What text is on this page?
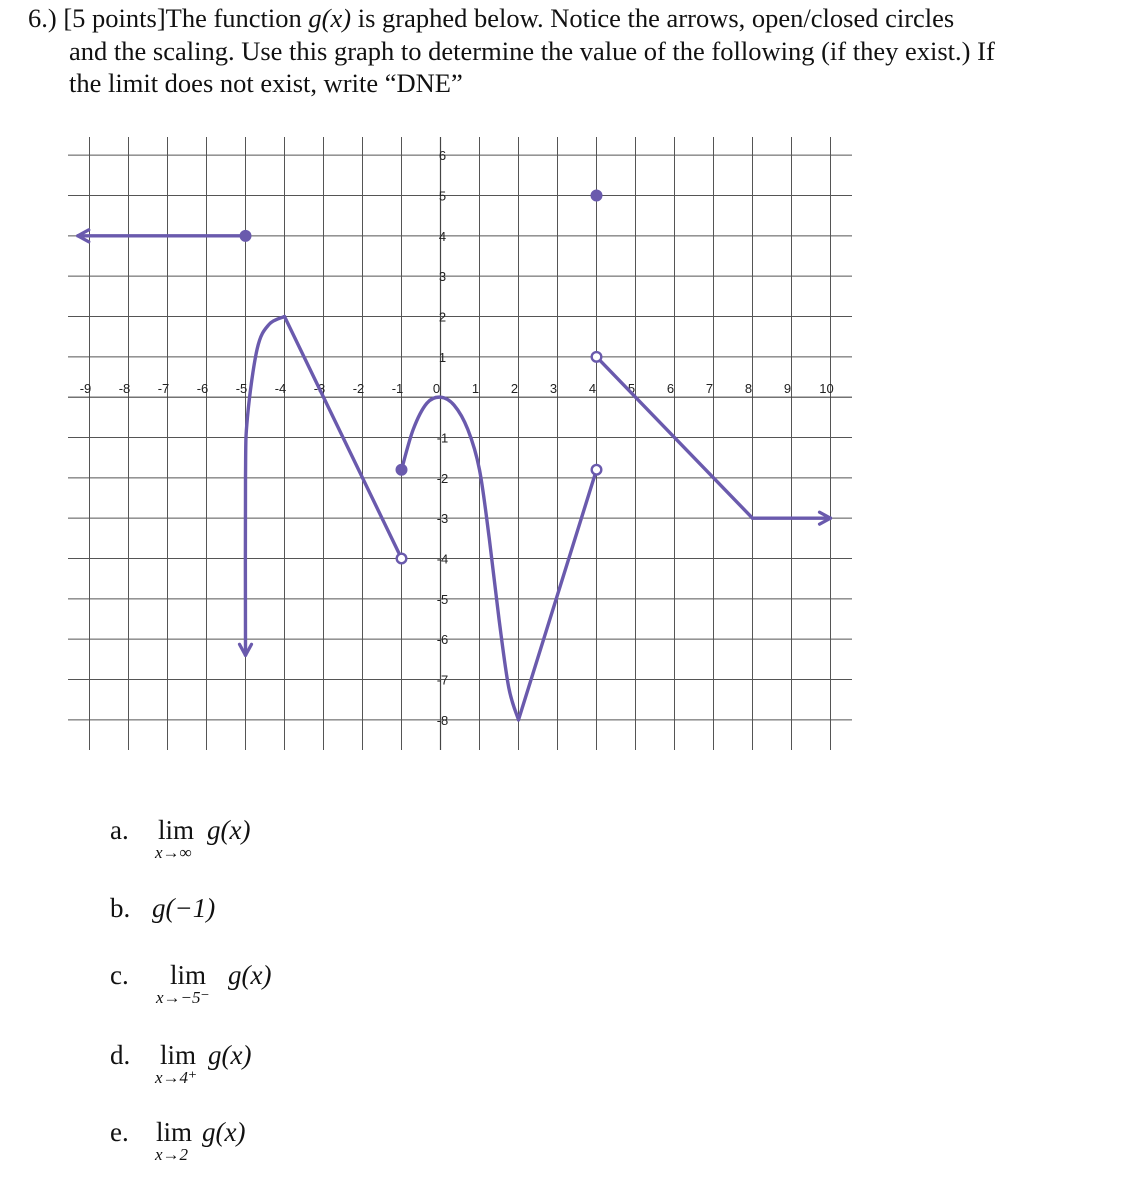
6.) [5 points]The function g(x) is graphed below. Notice the arrows, open/closed circles
and the scaling. Use this graph to determine the value of the following (if they exist.) If
the limit does not exist, write “DNE”
-9 -8 -7 -6 -5 -4 -3 -2 -1 0 1 2 3 4 5 6 7 8 9 10
6
5
4
3
2
1
-1
-2
-3
-4
-5
-6
-7
-8
a. lim
x→∞
g(x)
b. g(−1)
c. lim
x→−5⁻
g(x)
d. lim
x→4⁺
g(x)
e. lim
x→2
g(x)
